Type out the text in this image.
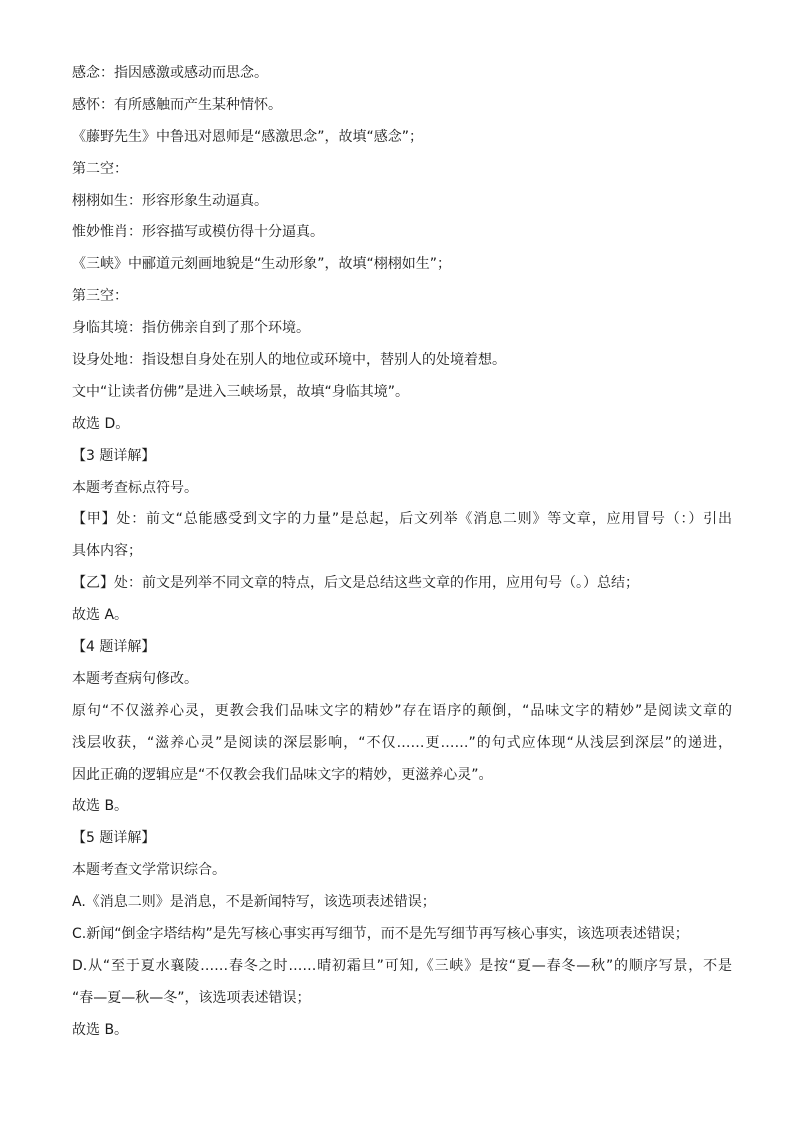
感念：指因感激或感动而思念。
感怀：有所感触而产生某种情怀。
《藤野先生》中鲁迅对恩师是“感激思念”，故填“感念”；
第二空：
栩栩如生：形容形象生动逼真。
惟妙惟肖：形容描写或模仿得十分逼真。
《三峡》中郦道元刻画地貌是“生动形象”，故填“栩栩如生”；
第三空：
身临其境：指仿佛亲自到了那个环境。
设身处地：指设想自身处在别人的地位或环境中，替别人的处境着想。
文中“让读者仿佛”是进入三峡场景，故填“身临其境”。
故选 D。
【3 题详解】
本题考查标点符号。
【甲】处：前文“总能感受到文字的力量”是总起，后文列举《消息二则》等文章，应用冒号（：）引出
具体内容；
【乙】处：前文是列举不同文章的特点，后文是总结这些文章的作用，应用句号（。）总结；
故选 A。
【4 题详解】
本题考查病句修改。
原句“不仅滋养心灵，更教会我们品味文字的精妙”存在语序的颠倒，“品味文字的精妙”是阅读文章的
浅层收获，“滋养心灵”是阅读的深层影响，“不仅……更……”的句式应体现“从浅层到深层”的递进，
因此正确的逻辑应是“不仅教会我们品味文字的精妙，更滋养心灵”。
故选 B。
【5 题详解】
本题考查文学常识综合。
A.《消息二则》是消息，不是新闻特写，该选项表述错误；
C.新闻“倒金字塔结构”是先写核心事实再写细节，而不是先写细节再写核心事实，该选项表述错误；
D.从“至于夏水襄陵……春冬之时……晴初霜旦”可知,《三峡》是按“夏—春冬—秋”的顺序写景，不是
“春—夏—秋—冬”，该选项表述错误；
故选 B。
